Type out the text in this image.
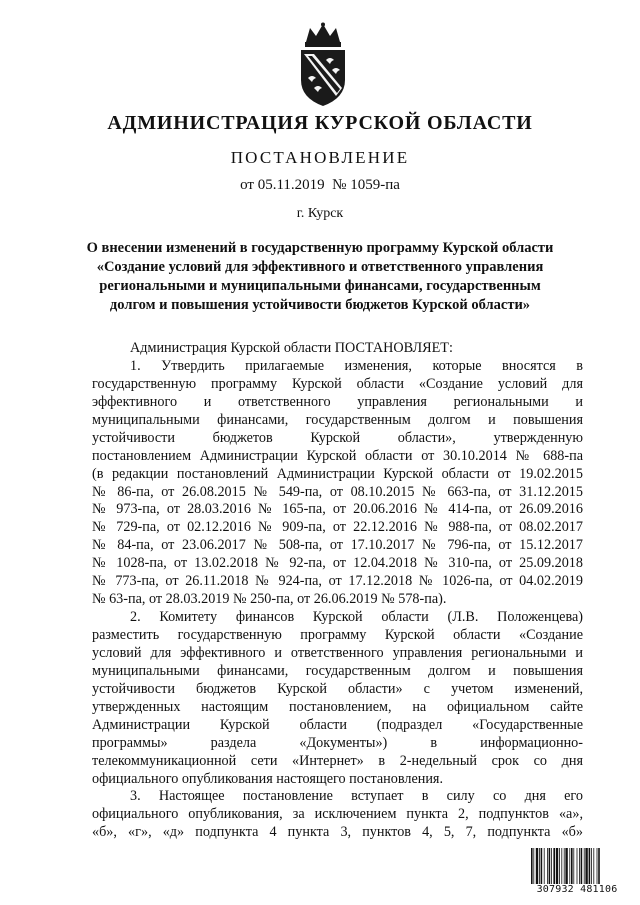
АДМИНИСТРАЦИЯ КУРСКОЙ ОБЛАСТИ
ПОСТАНОВЛЕНИЕ
от 05.11.2019  № 1059-па
г. Курск
О внесении изменений в государственную программу Курской области
«Создание условий для эффективного и ответственного управления
региональными и муниципальными финансами, государственным
долгом и повышения устойчивости бюджетов Курской области»
Администрация Курской области ПОСТАНОВЛЯЕТ:
1. Утвердить прилагаемые изменения, которые вносятся в
государственную программу Курской области «Создание условий для
эффективного и ответственного управления региональными и
муниципальными финансами, государственным долгом и повышения
устойчивости бюджетов Курской области», утвержденную
постановлением Администрации Курской области от 30.10.2014 № 688-па
(в редакции постановлений Администрации Курской области от 19.02.2015
№ 86-па, от 26.08.2015 № 549-па, от 08.10.2015 № 663-па, от 31.12.2015
№ 973-па, от 28.03.2016 № 165-па, от 20.06.2016 № 414-па, от 26.09.2016
№ 729-па, от 02.12.2016 № 909-па, от 22.12.2016 № 988-па, от 08.02.2017
№ 84-па, от 23.06.2017 № 508-па, от 17.10.2017 № 796-па, от 15.12.2017
№ 1028-па, от 13.02.2018 № 92-па, от 12.04.2018 № 310-па, от 25.09.2018
№ 773-па, от 26.11.2018 № 924-па, от 17.12.2018 № 1026-па, от 04.02.2019
№ 63-па, от 28.03.2019 № 250-па, от 26.06.2019 № 578-па).
2. Комитету финансов Курской области (Л.В. Положенцева)
разместить государственную программу Курской области «Создание
условий для эффективного и ответственного управления региональными и
муниципальными финансами, государственным долгом и повышения
устойчивости бюджетов Курской области» с учетом изменений,
утвержденных настоящим постановлением, на официальном сайте
Администрации Курской области (подраздел «Государственные
программы» раздела «Документы») в информационно-
телекоммуникационной сети «Интернет» в 2-недельный срок со дня
официального опубликования настоящего постановления.
3. Настоящее постановление вступает в силу со дня его
официального опубликования, за исключением пункта 2, подпунктов «а»,
«б», «г», «д» подпункта 4 пункта 3, пунктов 4, 5, 7, подпункта «б»
307932 481106
